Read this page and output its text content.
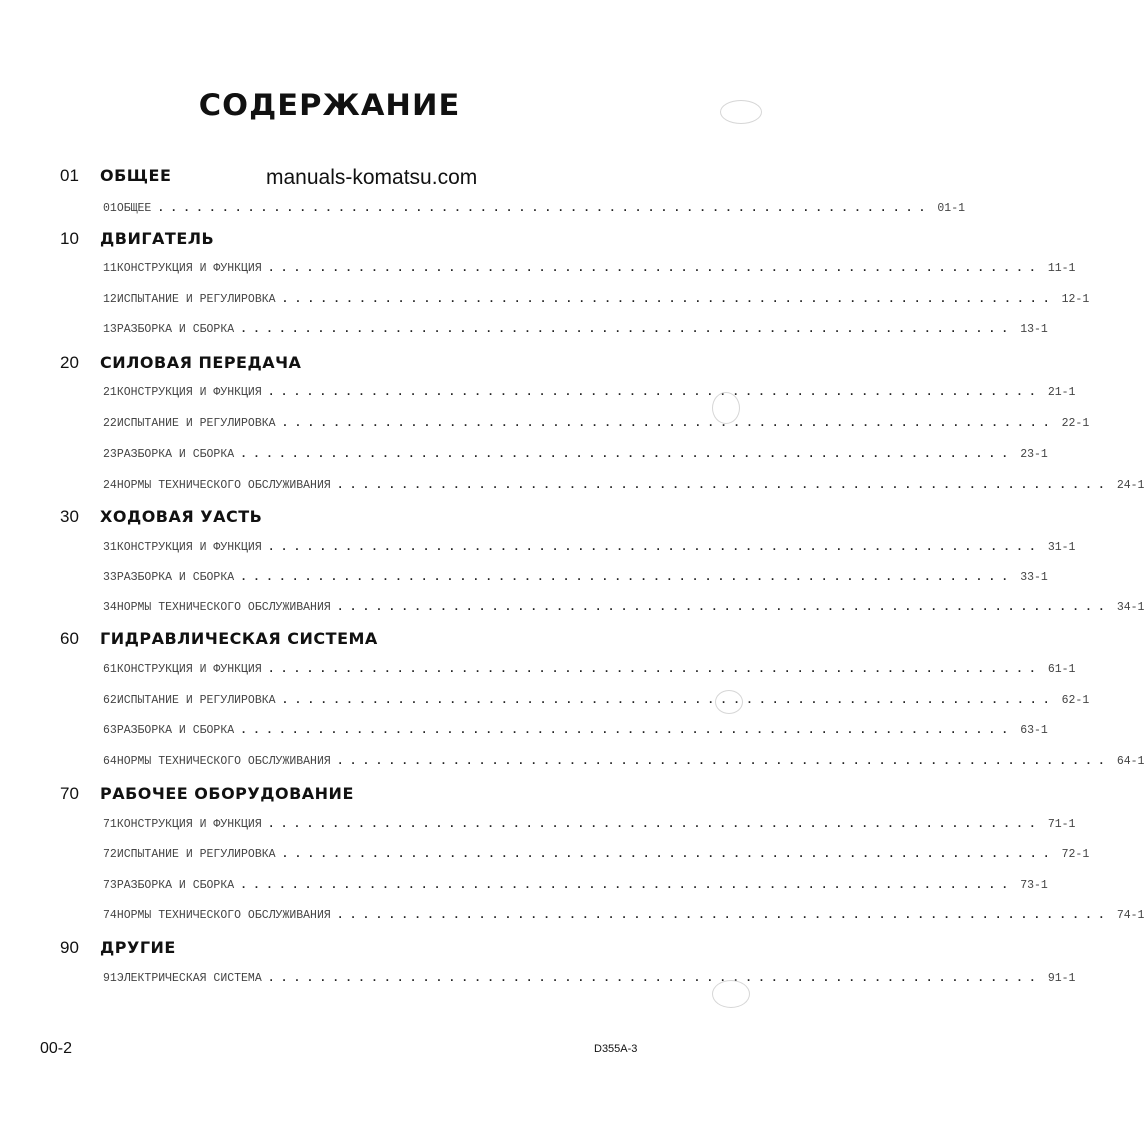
СОДЕРЖАНИЕ
manuals-komatsu.com
01	ОБЩЕЕ
01 ОБЩЕЕ ............................................................ 01-1
10	ДВИГАТЕЛЬ
11 КОНСТРУКЦИЯ И ФУНКЦИЯ ............................................................ 11-1
12 ИСПЫТАНИЕ И РЕГУЛИРОВКА ............................................................ 12-1
13 РАЗБОРКА И СБОРКА ............................................................ 13-1
20	СИЛОВАЯ ПЕРЕДАЧА
21 КОНСТРУКЦИЯ И ФУНКЦИЯ ............................................................ 21-1
22 ИСПЫТАНИЕ И РЕГУЛИРОВКА ............................................................ 22-1
23 РАЗБОРКА И СБОРКА ............................................................ 23-1
24 НОРМЫ ТЕХНИЧЕСКОГО ОБСЛУЖИВАНИЯ ............................................................ 24-1
30	ХОДОВАЯ УАСТЬ
31 КОНСТРУКЦИЯ И ФУНКЦИЯ ............................................................ 31-1
33 РАЗБОРКА И СБОРКА ............................................................ 33-1
34 НОРМЫ ТЕХНИЧЕСКОГО ОБСЛУЖИВАНИЯ ............................................................ 34-1
60	ГИДРАВЛИЧЕСКАЯ СИСТЕМА
61 КОНСТРУКЦИЯ И ФУНКЦИЯ ............................................................ 61-1
62 ИСПЫТАНИЕ И РЕГУЛИРОВКА ............................................................ 62-1
63 РАЗБОРКА И СБОРКА ............................................................ 63-1
64 НОРМЫ ТЕХНИЧЕСКОГО ОБСЛУЖИВАНИЯ ............................................................ 64-1
70	РАБОЧЕЕ ОБОРУДОВАНИЕ
71 КОНСТРУКЦИЯ И ФУНКЦИЯ ............................................................ 71-1
72 ИСПЫТАНИЕ И РЕГУЛИРОВКА ............................................................ 72-1
73 РАЗБОРКА И СБОРКА ............................................................ 73-1
74 НОРМЫ ТЕХНИЧЕСКОГО ОБСЛУЖИВАНИЯ ............................................................ 74-1
90	ДРУГИЕ
91 ЭЛЕКТРИЧЕСКАЯ СИСТЕМА ............................................................ 91-1
00-2	D355A-3
